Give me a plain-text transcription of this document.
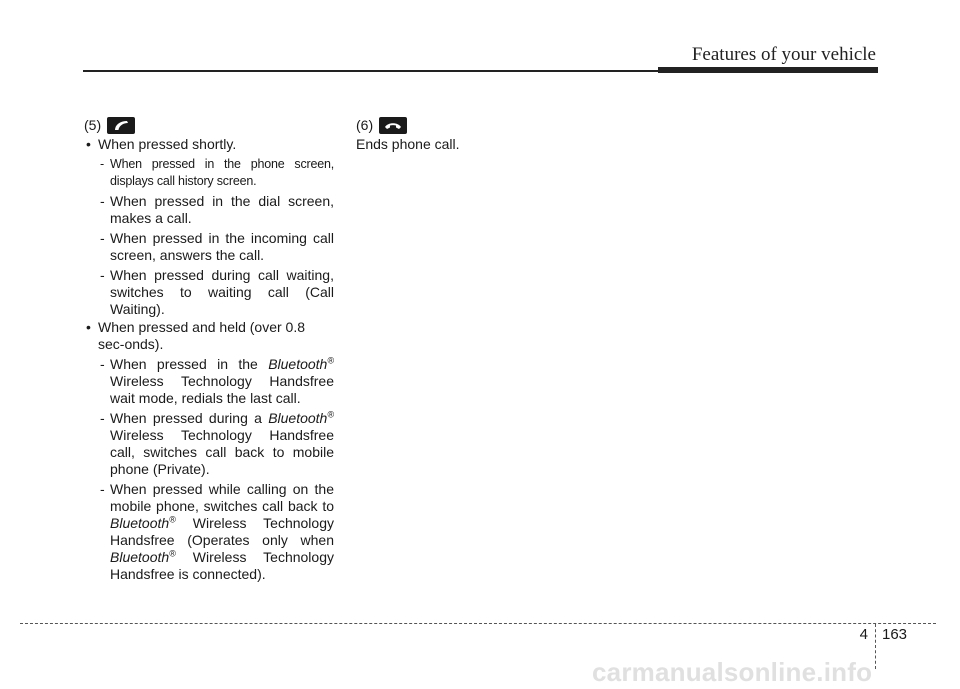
Features of your vehicle
(5)
• When pressed shortly.
- When pressed in the phone screen, displays call history screen.
- When pressed in the dial screen, makes a call.
- When pressed in the incoming call screen, answers the call.
- When pressed during call waiting, switches to waiting call (Call Waiting).
• When pressed and held (over 0.8 sec-onds).
- When pressed in the Bluetooth® Wireless Technology Handsfree wait mode, redials the last call.
- When pressed during a Bluetooth® Wireless Technology Handsfree call, switches call back to mobile phone (Private).
- When pressed while calling on the mobile phone, switches call back to Bluetooth® Wireless Technology Handsfree (Operates only when Bluetooth® Wireless Technology Handsfree is connected).
(6)
Ends phone call.
4 163
carmanualsonline.info
